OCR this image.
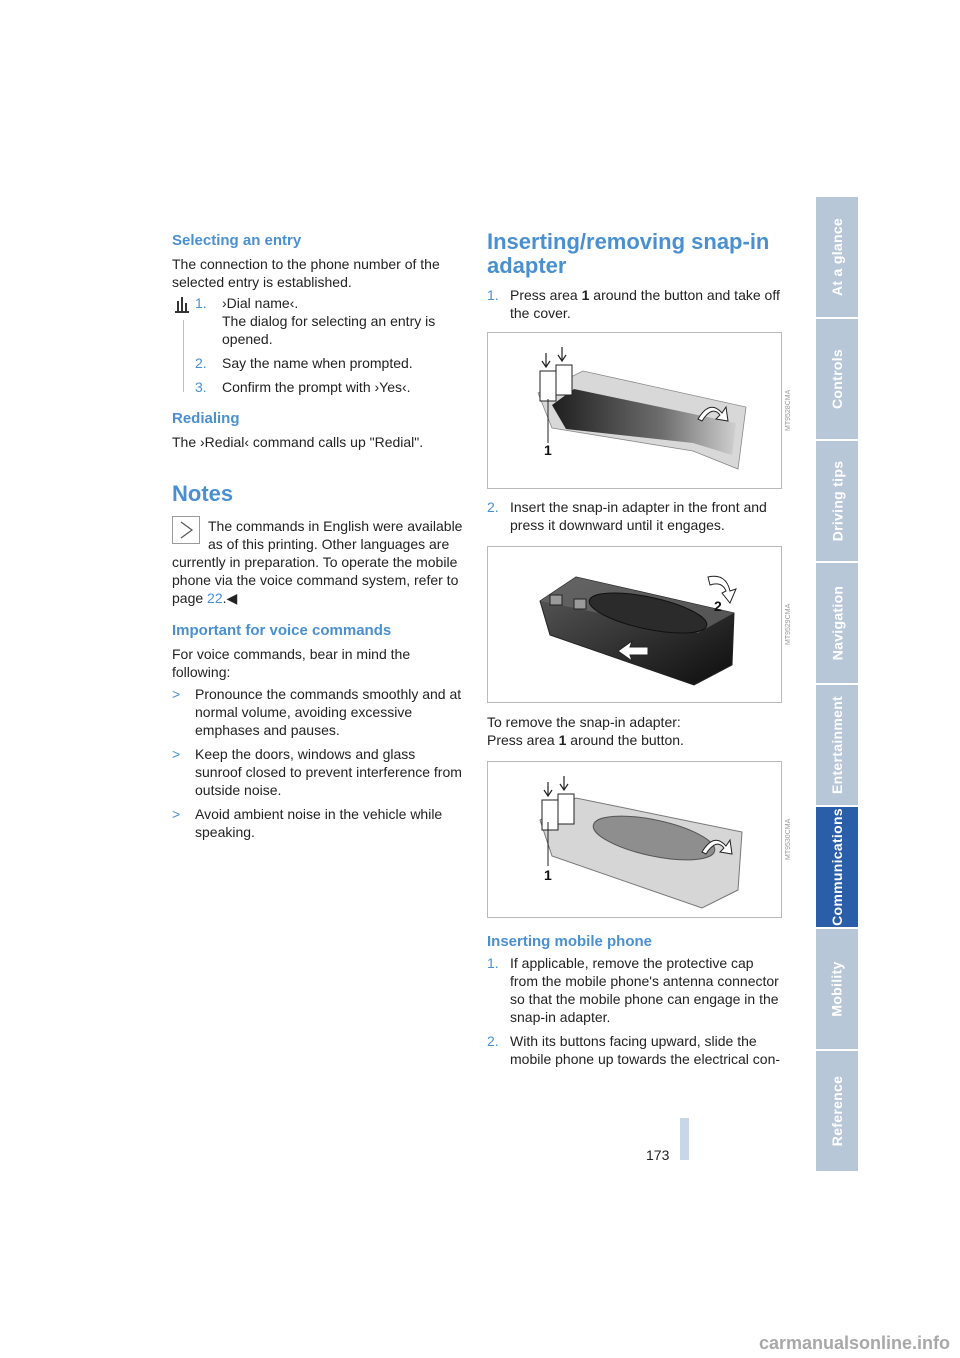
Selecting an entry

The connection to the phone number of the selected entry is established.

1. ›Dial name‹.
The dialog for selecting an entry is opened.
2. Say the name when prompted.
3. Confirm the prompt with ›Yes‹.
Redialing

The ›Redial‹ command calls up "Redial".

Notes
The commands in English were available as of this printing. Other languages are
currently in preparation. To operate the mobile phone via the voice command system, refer to page 22.◀
Important for voice commands

For voice commands, bear in mind the following:

> Pronounce the commands smoothly and at normal volume, avoiding excessive emphases and pauses.
> Keep the doors, windows and glass sunroof closed to prevent interference from outside noise.
> Avoid ambient noise in the vehicle while speaking.
Inserting/removing snap-in adapter
1. Press area 1 around the button and take off the cover.
1
MT9528CMA
2. Insert the snap-in adapter in the front and press it downward until it engages.
2	MT9529CMA
To remove the snap-in adapter:
Press area 1 around the button.
1
MT9530CMA
Inserting mobile phone
1. If applicable, remove the protective cap from the mobile phone's antenna connector so that the mobile phone can engage in the snap-in adapter.
2. With its buttons facing upward, slide the mobile phone up towards the electrical con-
At a glance
Controls
Driving tips
Navigation
Entertainment
Communications
Mobility
Reference
173
carmanualsonline.info
